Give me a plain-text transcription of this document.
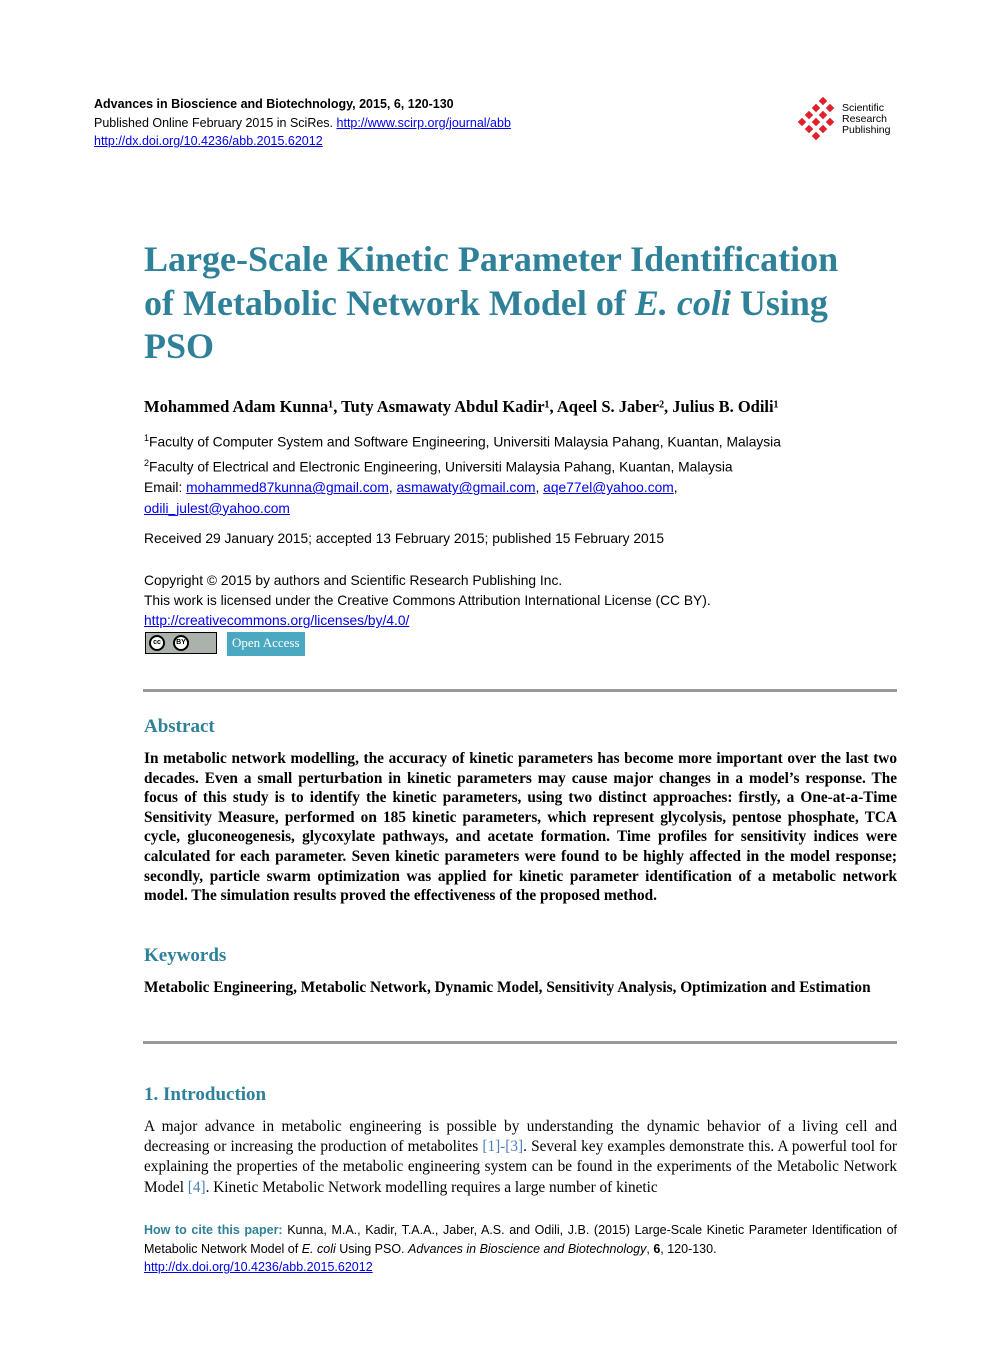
Advances in Bioscience and Biotechnology, 2015, 6, 120-130
Published Online February 2015 in SciRes. http://www.scirp.org/journal/abb
http://dx.doi.org/10.4236/abb.2015.62012
Scientific
Research
Publishing
Large-Scale Kinetic Parameter Identification of Metabolic Network Model of E. coli Using PSO
Mohammed Adam Kunna¹, Tuty Asmawaty Abdul Kadir¹, Aqeel S. Jaber², Julius B. Odili¹
$^1$Faculty of Computer System and Software Engineering, Universiti Malaysia Pahang, Kuantan, Malaysia
$^2$Faculty of Electrical and Electronic Engineering, Universiti Malaysia Pahang, Kuantan, Malaysia
Email: mohammed87kunna@gmail.com, asmawaty@gmail.com, aqe77el@yahoo.com,
odili_julest@yahoo.com
Received 29 January 2015; accepted 13 February 2015; published 15 February 2015
Copyright © 2015 by authors and Scientific Research Publishing Inc.
This work is licensed under the Creative Commons Attribution International License (CC BY).
http://creativecommons.org/licenses/by/4.0/
cc	BY	Open Access
Abstract
In metabolic network modelling, the accuracy of kinetic parameters has become more important over the last two decades. Even a small perturbation in kinetic parameters may cause major changes in a model’s response. The focus of this study is to identify the kinetic parameters, using two distinct approaches: firstly, a One-at-a-Time Sensitivity Measure, performed on 185 kinetic parameters, which represent glycolysis, pentose phosphate, TCA cycle, gluconeogenesis, glycoxylate pathways, and acetate formation. Time profiles for sensitivity indices were calculated for each parameter. Seven kinetic parameters were found to be highly affected in the model response; secondly, particle swarm optimization was applied for kinetic parameter identification of a metabolic network model. The simulation results proved the effectiveness of the proposed method.
Keywords
Metabolic Engineering, Metabolic Network, Dynamic Model, Sensitivity Analysis, Optimization and Estimation
1. Introduction
A major advance in metabolic engineering is possible by understanding the dynamic behavior of a living cell and decreasing or increasing the production of metabolites [1]-[3]. Several key examples demonstrate this. A powerful tool for explaining the properties of the metabolic engineering system can be found in the experiments of the Metabolic Network Model [4]. Kinetic Metabolic Network modelling requires a large number of kinetic
How to cite this paper: Kunna, M.A., Kadir, T.A.A., Jaber, A.S. and Odili, J.B. (2015) Large-Scale Kinetic Parameter Identification of Metabolic Network Model of E. coli Using PSO. Advances in Bioscience and Biotechnology, 6, 120-130.
http://dx.doi.org/10.4236/abb.2015.62012
